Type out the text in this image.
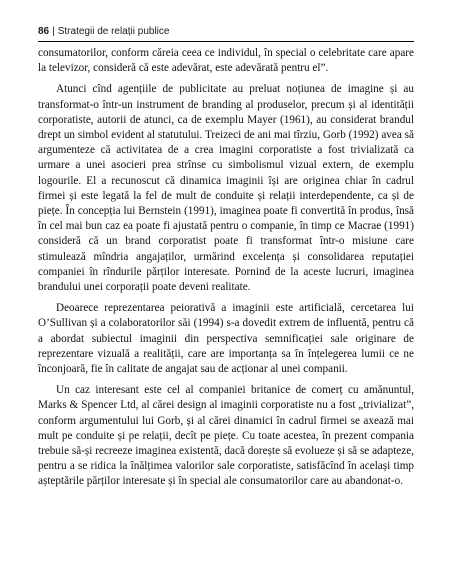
86 | Strategii de relații publice

consumatorilor, conform căreia ceea ce individul, în special o celebritate care apare la televizor, consideră că este adevărat, este adevărată pentru el”.

Atunci cînd agențiile de publicitate au preluat noțiunea de imagine și au transformat-o într-un instrument de branding al produselor, precum și al identității corporatiste, autorii de atunci, ca de exemplu Mayer (1961), au considerat brandul drept un simbol evident al statutului. Treizeci de ani mai tîrziu, Gorb (1992) avea să argumenteze că activitatea de a crea imagini corporatiste a fost trivializată ca urmare a unei asocieri prea strînse cu simbolismul vizual extern, de exemplu logourile. El a recunoscut că dinamica imaginii își are originea chiar în cadrul firmei și este legată la fel de mult de conduite și relații interdependente, ca și de piețe. În concepția lui Bernstein (1991), imaginea poate fi convertită în produs, însă în cel mai bun caz ea poate fi ajustată pentru o companie, în timp ce Macrae (1991) consideră că un brand corporatist poate fi transformat într-o misiune care stimulează mîndria angajaților, urmărind excelența și consolidarea reputației companiei în rîndurile părților interesate. Pornind de la aceste lucruri, imaginea brandului unei corporații poate deveni realitate.

Deoarece reprezentarea peiorativă a imaginii este artificială, cercetarea lui O’Sullivan și a colaboratorilor săi (1994) s-a dovedit extrem de influentă, pentru că a abordat subiectul imaginii din perspectiva semnificației sale originare de reprezentare vizuală a realității, care are importanța sa în înțelegerea lumii ce ne înconjoară, fie în calitate de angajat sau de acționar al unei companii.

Un caz interesant este cel al companiei britanice de comerț cu amănuntul, Marks & Spencer Ltd, al cărei design al imaginii corporatiste nu a fost „trivializat”, conform argumentului lui Gorb, și al cărei dinamici în cadrul firmei se axează mai mult pe conduite și pe relații, decît pe piețe. Cu toate acestea, în prezent compania trebuie să-și recreeze imaginea existentă, dacă dorește să evolueze și să se adapteze, pentru a se ridica la înălțimea valorilor sale corporatiste, satisfăcînd în același timp așteptările părților interesate și în special ale consumatorilor care au abandonat-o.
